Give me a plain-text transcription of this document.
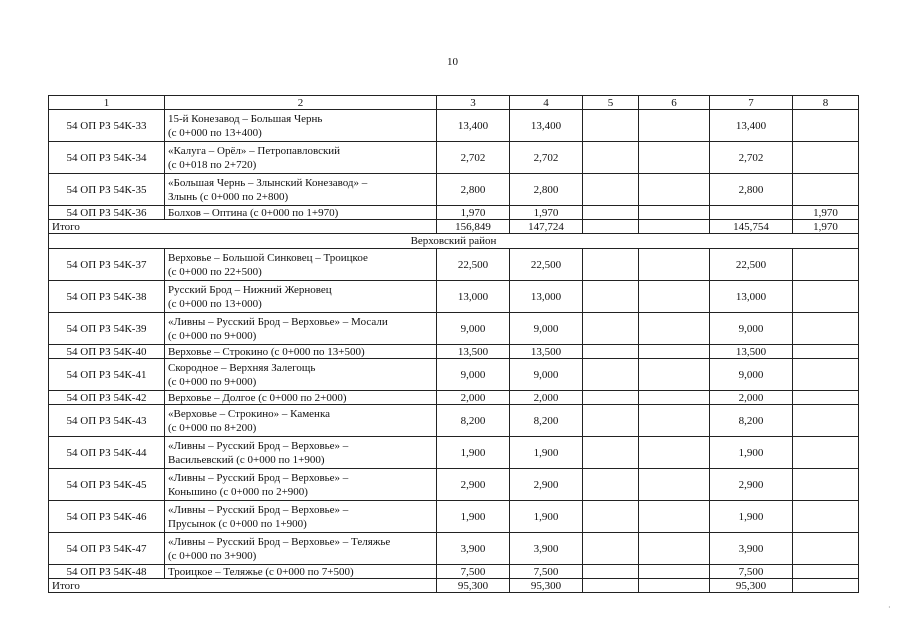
10
1	2	3	4	5	6	7	8
54 ОП РЗ 54К-33	15-й Конезавод – Большая Чернь
(с 0+000 по 13+400)	13,400	13,400			13,400	
54 ОП РЗ 54К-34	«Калуга – Орёл» – Петропавловский
(с 0+018 по 2+720)	2,702	2,702			2,702	
54 ОП РЗ 54К-35	«Большая Чернь – Злынский Конезавод» –
Злынь (с 0+000 по 2+800)	2,800	2,800			2,800	
54 ОП РЗ 54К-36	Болхов – Оптина (с 0+000 по 1+970)	1,970	1,970				1,970
Итого		156,849	147,724			145,754	1,970
Верховский район							
54 ОП РЗ 54К-37	Верховье – Большой Синковец – Троицкое
(с 0+000 по 22+500)	22,500	22,500			22,500	
54 ОП РЗ 54К-38	Русский Брод – Нижний Жерновец
(с 0+000 по 13+000)	13,000	13,000			13,000	
54 ОП РЗ 54К-39	«Ливны – Русский Брод – Верховье» – Мосали
(с 0+000 по 9+000)	9,000	9,000			9,000	
54 ОП РЗ 54К-40	Верховье – Строкино (с 0+000 по 13+500)	13,500	13,500			13,500	
54 ОП РЗ 54К-41	Скородное – Верхняя Залегощь
(с 0+000 по 9+000)	9,000	9,000			9,000	
54 ОП РЗ 54К-42	Верховье – Долгое (с 0+000 по 2+000)	2,000	2,000			2,000	
54 ОП РЗ 54К-43	«Верховье – Строкино» – Каменка
(с 0+000 по 8+200)	8,200	8,200			8,200	
54 ОП РЗ 54К-44	«Ливны – Русский Брод – Верховье» –
Васильевский (с 0+000 по 1+900)	1,900	1,900			1,900	
54 ОП РЗ 54К-45	«Ливны – Русский Брод – Верховье» –
Коньшино (с 0+000 по 2+900)	2,900	2,900			2,900	
54 ОП РЗ 54К-46	«Ливны – Русский Брод – Верховье» –
Прусынок (с 0+000 по 1+900)	1,900	1,900			1,900	
54 ОП РЗ 54К-47	«Ливны – Русский Брод – Верховье» – Теляжье
(с 0+000 по 3+900)	3,900	3,900			3,900	
54 ОП РЗ 54К-48	Троицкое – Теляжье (с 0+000 по 7+500)	7,500	7,500			7,500	
Итого		95,300	95,300			95,300	
·
